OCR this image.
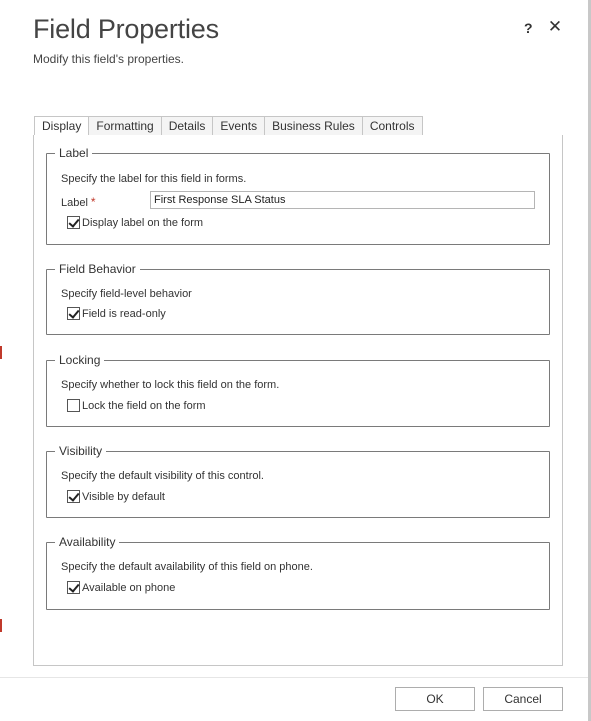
Field Properties
Modify this field's properties.
? ✕
Display	Formatting	Details	Events	Business Rules	Controls
Label
Specify the label for this field in forms.
Label *
First Response SLA Status
Display label on the form
Field Behavior
Specify field-level behavior
Field is read-only
Locking
Specify whether to lock this field on the form.
Lock the field on the form
Visibility
Specify the default visibility of this control.
Visible by default
Availability
Specify the default availability of this field on phone.
Available on phone
OK	Cancel
